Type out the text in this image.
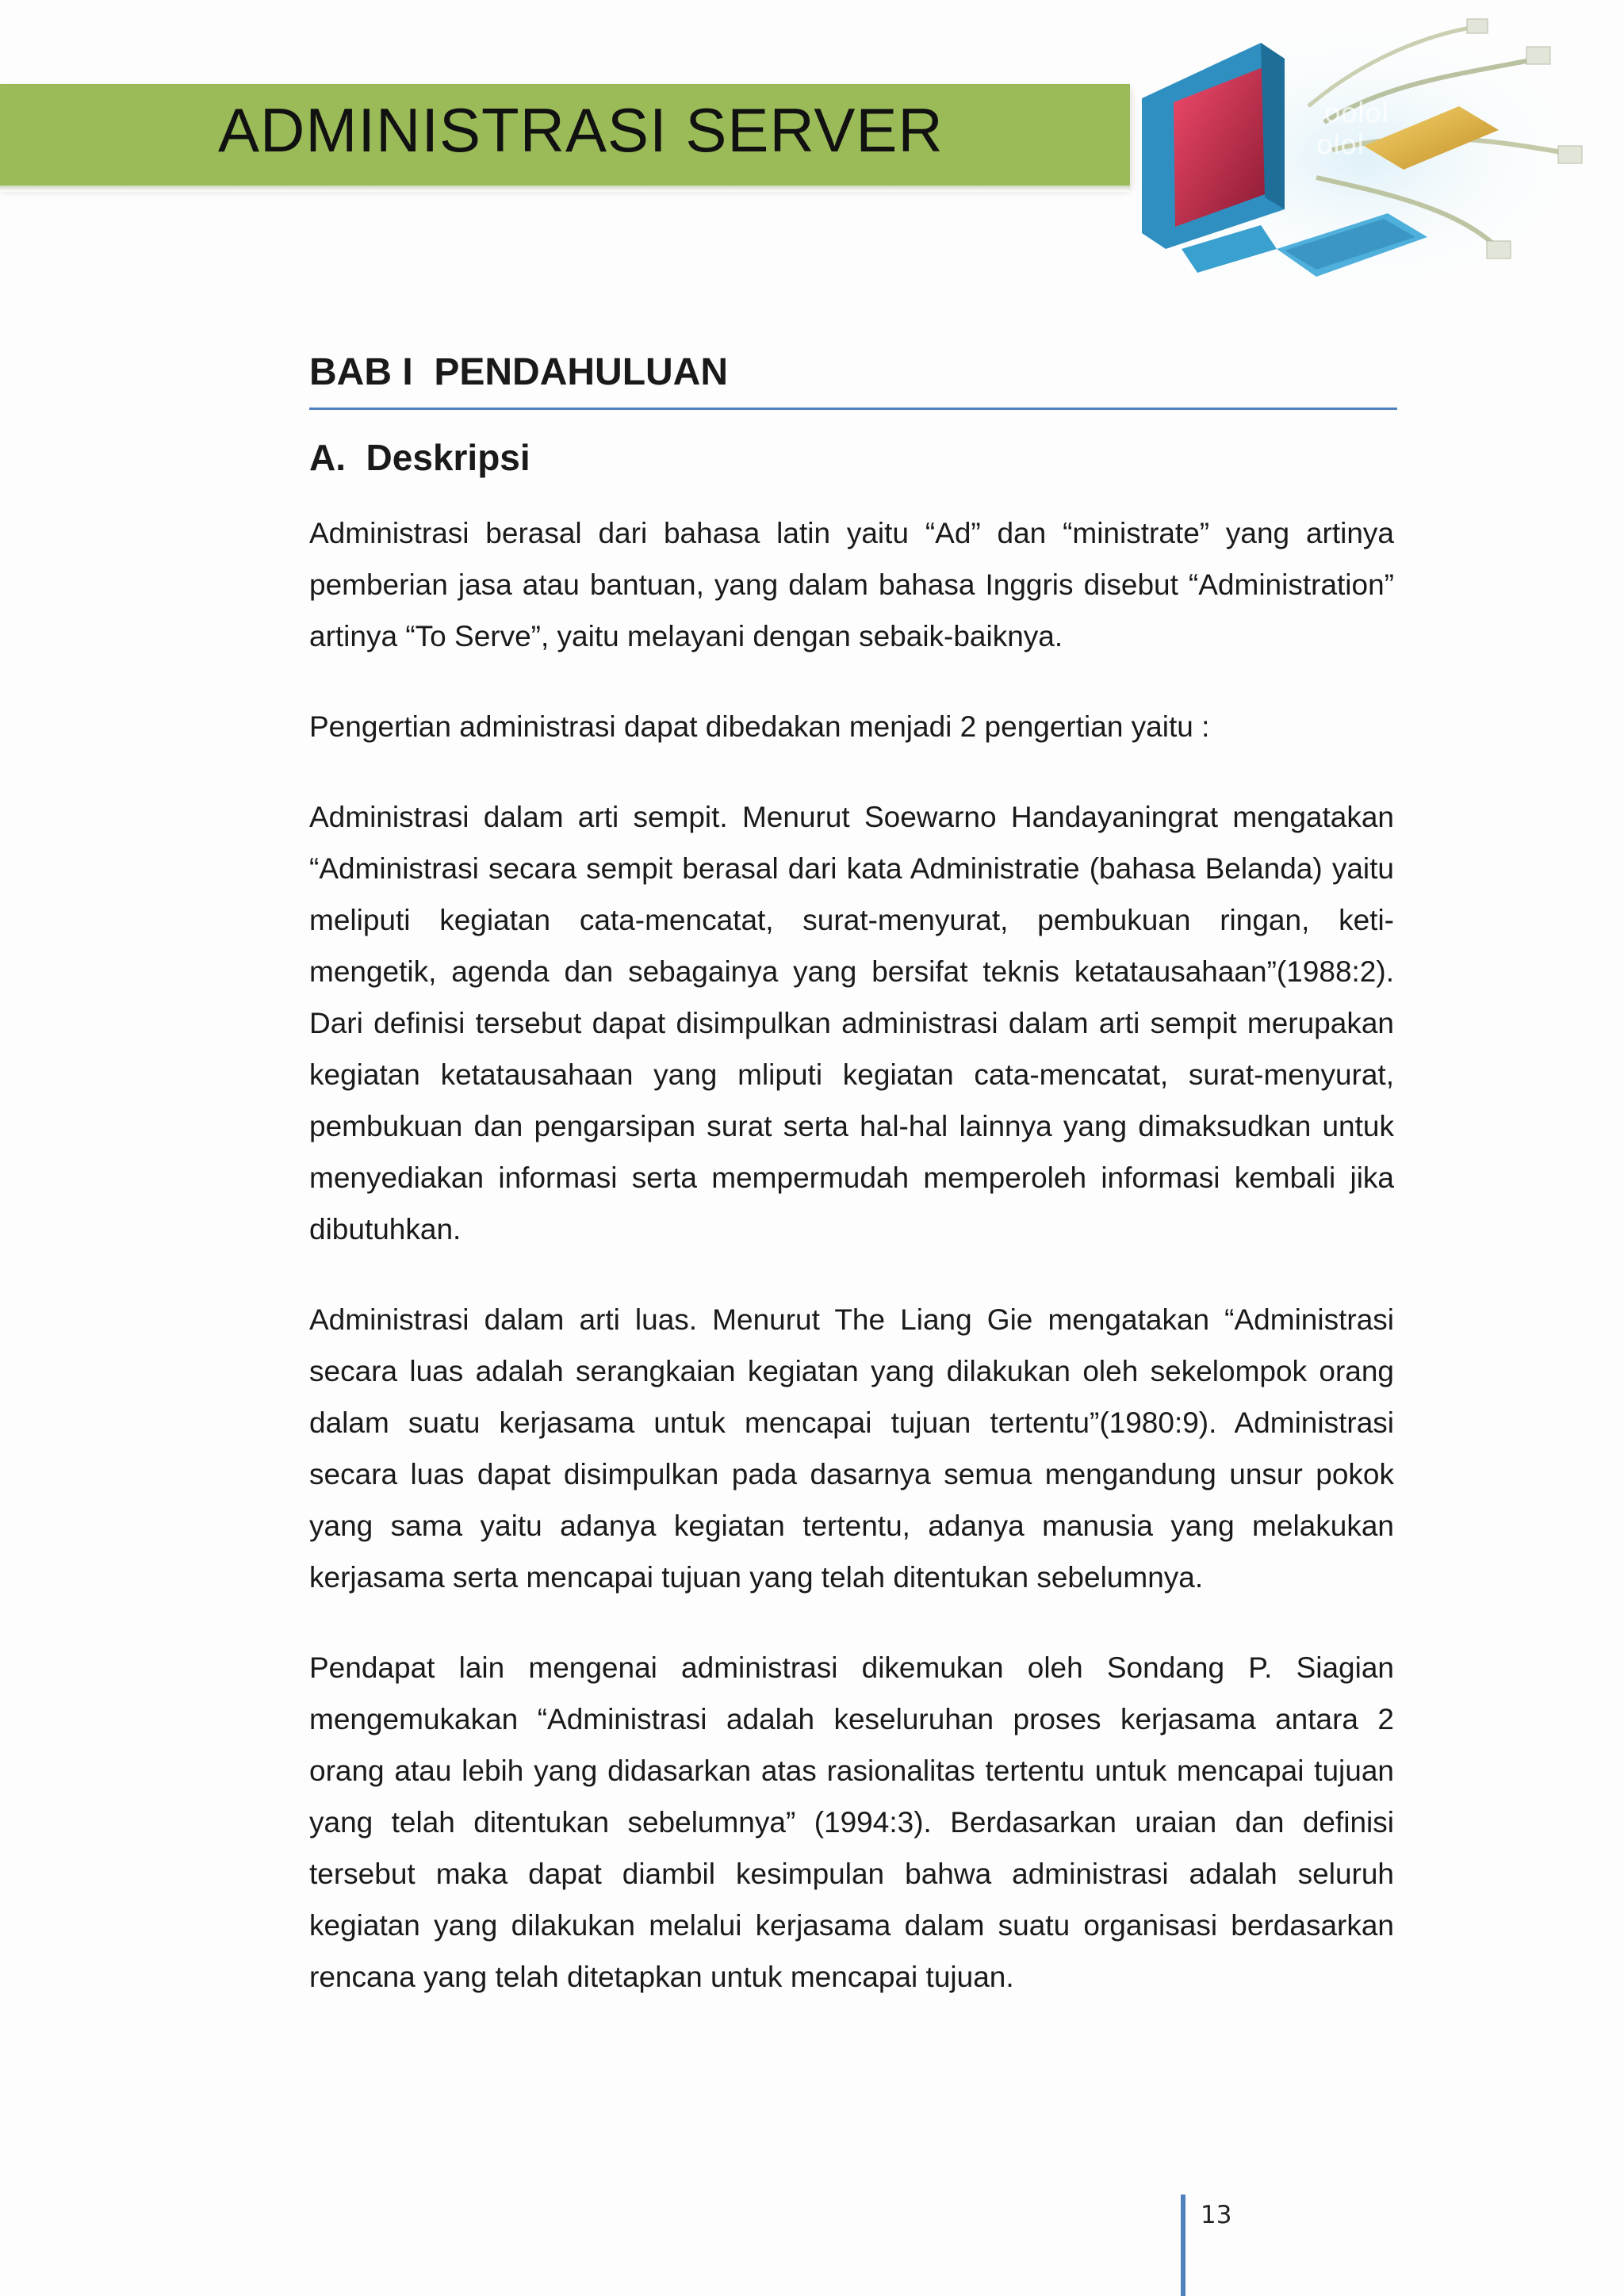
ADMINISTRASI SERVER	oolol
olol
BAB I  PENDAHULUAN
A.  Deskripsi

Administrasi berasal dari bahasa latin yaitu “Ad” dan “ministrate” yang artinya pemberian jasa atau bantuan, yang dalam bahasa Inggris disebut “Administration” artinya “To Serve”, yaitu melayani dengan sebaik-baiknya.

Pengertian administrasi dapat dibedakan menjadi 2 pengertian yaitu :

Administrasi dalam arti sempit. Menurut Soewarno Handayaningrat mengatakan “Administrasi secara sempit berasal dari kata Administratie (bahasa Belanda) yaitu meliputi kegiatan cata-mencatat, surat-menyurat, pembukuan ringan, keti-mengetik, agenda dan sebagainya yang bersifat teknis ketatausahaan”(1988:2). Dari definisi tersebut dapat disimpulkan administrasi dalam arti sempit merupakan kegiatan ketatausahaan yang mliputi kegiatan cata-mencatat, surat-menyurat, pembukuan dan pengarsipan surat serta hal-hal lainnya yang dimaksudkan untuk menyediakan informasi serta mempermudah memperoleh informasi kembali jika dibutuhkan.

Administrasi dalam arti luas. Menurut The Liang Gie mengatakan “Administrasi secara luas adalah serangkaian kegiatan yang dilakukan oleh sekelompok orang dalam suatu kerjasama untuk mencapai tujuan tertentu”(1980:9). Administrasi secara luas dapat disimpulkan pada dasarnya semua mengandung unsur pokok yang sama yaitu adanya kegiatan tertentu, adanya manusia yang melakukan kerjasama serta mencapai tujuan yang telah ditentukan sebelumnya.

Pendapat lain mengenai administrasi dikemukan oleh Sondang P. Siagian mengemukakan “Administrasi adalah keseluruhan proses kerjasama antara 2 orang atau lebih yang didasarkan atas rasionalitas tertentu untuk mencapai tujuan yang telah ditentukan sebelumnya” (1994:3). Berdasarkan uraian dan definisi tersebut maka dapat diambil kesimpulan bahwa administrasi adalah seluruh kegiatan yang dilakukan melalui kerjasama dalam suatu organisasi berdasarkan rencana yang telah ditetapkan untuk mencapai tujuan.

13
